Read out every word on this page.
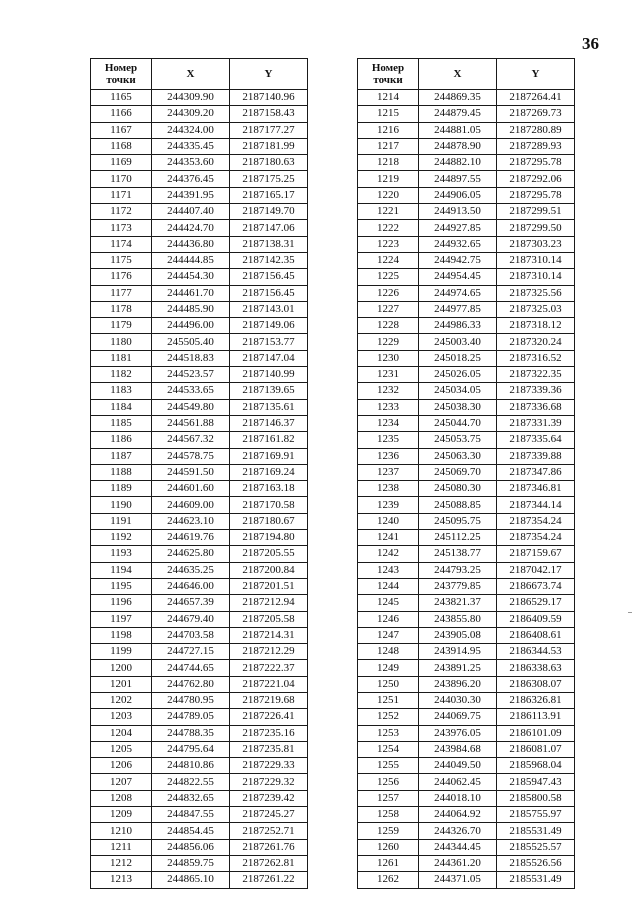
36
Номер точки	X	Y
1165	244309.90	2187140.96
1166	244309.20	2187158.43
1167	244324.00	2187177.27
1168	244335.45	2187181.99
1169	244353.60	2187180.63
1170	244376.45	2187175.25
1171	244391.95	2187165.17
1172	244407.40	2187149.70
1173	244424.70	2187147.06
1174	244436.80	2187138.31
1175	244444.85	2187142.35
1176	244454.30	2187156.45
1177	244461.70	2187156.45
1178	244485.90	2187143.01
1179	244496.00	2187149.06
1180	245505.40	2187153.77
1181	244518.83	2187147.04
1182	244523.57	2187140.99
1183	244533.65	2187139.65
1184	244549.80	2187135.61
1185	244561.88	2187146.37
1186	244567.32	2187161.82
1187	244578.75	2187169.91
1188	244591.50	2187169.24
1189	244601.60	2187163.18
1190	244609.00	2187170.58
1191	244623.10	2187180.67
1192	244619.76	2187194.80
1193	244625.80	2187205.55
1194	244635.25	2187200.84
1195	244646.00	2187201.51
1196	244657.39	2187212.94
1197	244679.40	2187205.58
1198	244703.58	2187214.31
1199	244727.15	2187212.29
1200	244744.65	2187222.37
1201	244762.80	2187221.04
1202	244780.95	2187219.68
1203	244789.05	2187226.41
1204	244788.35	2187235.16
1205	244795.64	2187235.81
1206	244810.86	2187229.33
1207	244822.55	2187229.32
1208	244832.65	2187239.42
1209	244847.55	2187245.27
1210	244854.45	2187252.71
1211	244856.06	2187261.76
1212	244859.75	2187262.81
1213	244865.10	2187261.22
Номер точки	X	Y
1214	244869.35	2187264.41
1215	244879.45	2187269.73
1216	244881.05	2187280.89
1217	244878.90	2187289.93
1218	244882.10	2187295.78
1219	244897.55	2187292.06
1220	244906.05	2187295.78
1221	244913.50	2187299.51
1222	244927.85	2187299.50
1223	244932.65	2187303.23
1224	244942.75	2187310.14
1225	244954.45	2187310.14
1226	244974.65	2187325.56
1227	244977.85	2187325.03
1228	244986.33	2187318.12
1229	245003.40	2187320.24
1230	245018.25	2187316.52
1231	245026.05	2187322.35
1232	245034.05	2187339.36
1233	245038.30	2187336.68
1234	245044.70	2187331.39
1235	245053.75	2187335.64
1236	245063.30	2187339.88
1237	245069.70	2187347.86
1238	245080.30	2187346.81
1239	245088.85	2187344.14
1240	245095.75	2187354.24
1241	245112.25	2187354.24
1242	245138.77	2187159.67
1243	244793.25	2187042.17
1244	243779.85	2186673.74
1245	243821.37	2186529.17
1246	243855.80	2186409.59
1247	243905.08	2186408.61
1248	243914.95	2186344.53
1249	243891.25	2186338.63
1250	243896.20	2186308.07
1251	244030.30	2186326.81
1252	244069.75	2186113.91
1253	243976.05	2186101.09
1254	243984.68	2186081.07
1255	244049.50	2185968.04
1256	244062.45	2185947.43
1257	244018.10	2185800.58
1258	244064.92	2185755.97
1259	244326.70	2185531.49
1260	244344.45	2185525.57
1261	244361.20	2185526.56
1262	244371.05	2185531.49
